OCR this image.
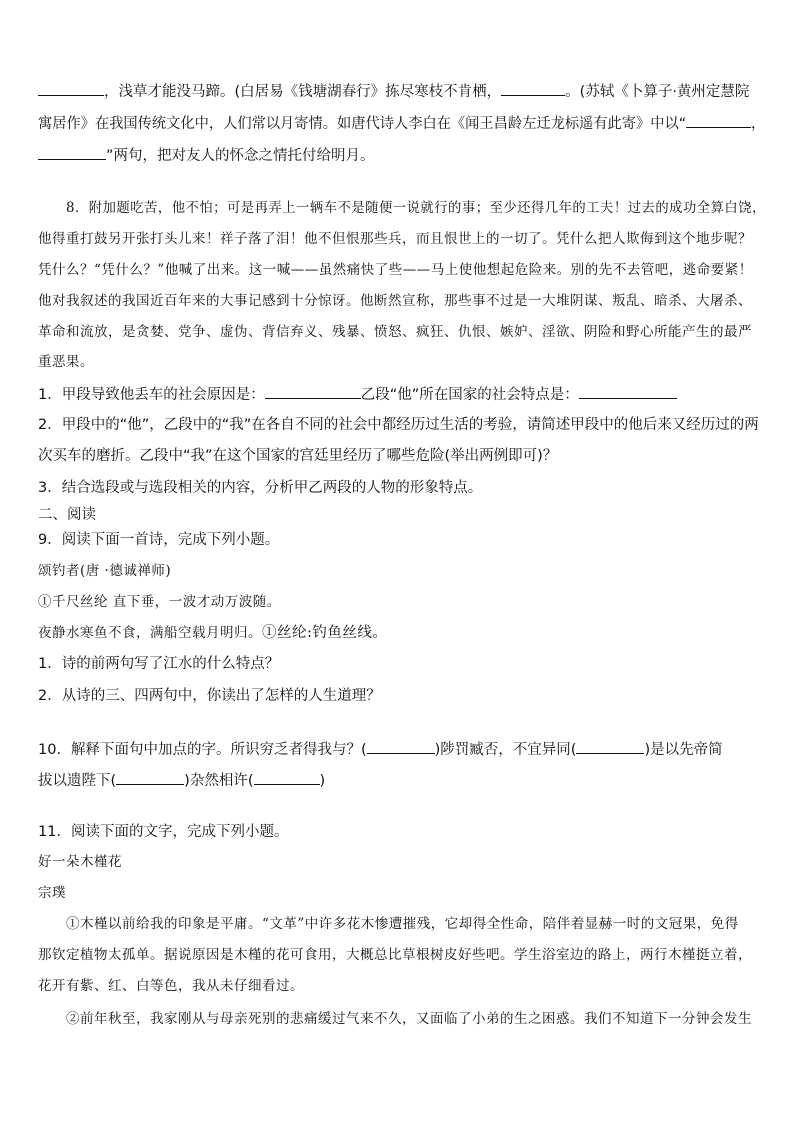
，浅草才能没马蹄。(白居易《钱塘湖春行》拣尽寒枝不肯栖，	。(苏轼《卜算子·黄州定慧院
寓居作》在我国传统文化中，人们常以月寄情。如唐代诗人李白在《闻王昌龄左迁龙标遥有此寄》中以“	，
”两句，把对友人的怀念之情托付给明月。
8．附加题吃苦，他不怕；可是再弄上一辆车不是随便一说就行的事；至少还得几年的工夫！过去的成功全算白饶，
他得重打鼓另开张打头儿来！祥子落了泪！他不但恨那些兵，而且恨世上的一切了。凭什么把人欺侮到这个地步呢？
凭什么？“凭什么？”他喊了出来。这一喊——虽然痛快了些——马上使他想起危险来。别的先不去管吧，逃命要紧！
他对我叙述的我国近百年来的大事记感到十分惊讶。他断然宣称，那些事不过是一大堆阴谋、叛乱、暗杀、大屠杀、
革命和流放，是贪婪、党争、虚伪、背信弃义、残暴、愤怒、疯狂、仇恨、嫉妒、淫欲、阴险和野心所能产生的最严
重恶果。
1．甲段导致他丢车的社会原因是：	乙段“他”所在国家的社会特点是：
2．甲段中的“他”，乙段中的“我”在各自不同的社会中都经历过生活的考验，请简述甲段中的他后来又经历过的两
次买车的磨折。乙段中“我”在这个国家的宫廷里经历了哪些危险(举出两例即可)？
3．结合选段或与选段相关的内容，分析甲乙两段的人物的形象特点。
二、阅读
9．阅读下面一首诗，完成下列小题。
颂钓者(唐 ·德诚禅师)
①千尺丝纶 直下垂，一波才动万波随。
夜静水寒鱼不食，满船空载月明归。①丝纶:钓鱼丝线。
1．诗的前两句写了江水的什么特点？
2．从诗的三、四两句中，你读出了怎样的人生道理？
10．解释下面句中加点的字。所识穷乏者得我与？(	)陟罚臧否，不宜异同(	)是以先帝简
拔以遗陛下(	)杂然相许(	)
11．阅读下面的文字，完成下列小题。
好一朵木槿花
宗璞
①木槿以前给我的印象是平庸。“文革”中许多花木惨遭摧残，它却得全性命，陪伴着显赫一时的文冠果，免得
那钦定植物太孤单。据说原因是木槿的花可食用，大概总比草根树皮好些吧。学生浴室边的路上，两行木槿挺立着，
花开有紫、红、白等色，我从未仔细看过。
②前年秋至，我家刚从与母亲死别的悲痛缓过气来不久，又面临了小弟的生之困惑。我们不知道下一分钟会发生
